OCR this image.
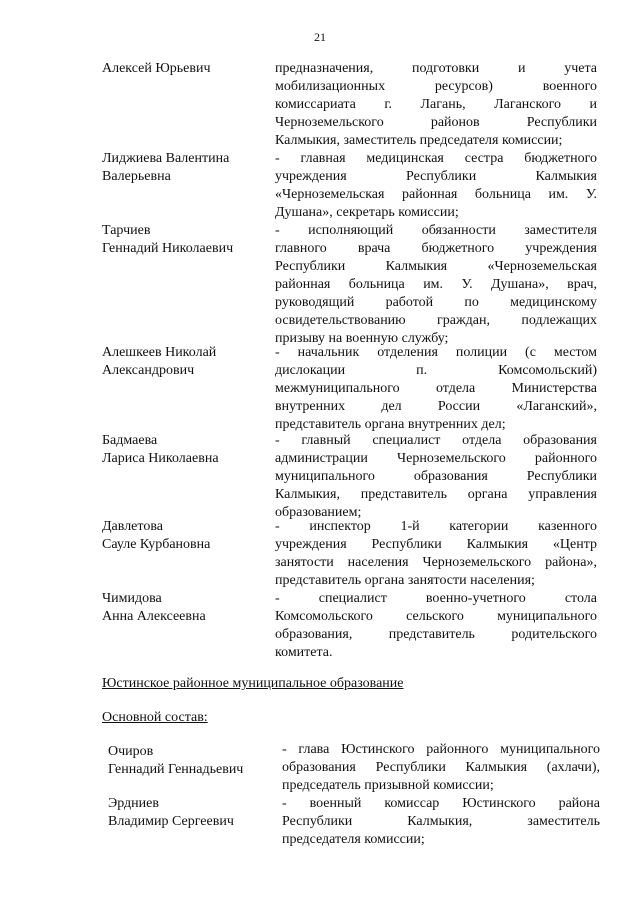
21
Алексей Юрьевич	предназначения, подготовки и учета
мобилизационных ресурсов) военного
комиссариата г. Лагань, Лаганского и
Черноземельского районов Республики
Калмыкия, заместитель председателя комиссии;
Лиджиева Валентина
Валерьевна
- главная медицинская сестра бюджетного
учреждения Республики Калмыкия
«Черноземельская районная больница им. У.
Душана», секретарь комиссии;
Тарчиев
Геннадий Николаевич
- исполняющий обязанности заместителя
главного врача бюджетного учреждения
Республики Калмыкия «Черноземельская
районная больница им. У. Душана», врач,
руководящий работой по медицинскому
освидетельствованию граждан, подлежащих
призыву на военную службу;
Алешкеев Николай
Александрович
- начальник отделения полиции (с местом
дислокации п. Комсомольский)
межмуниципального отдела Министерства
внутренних дел России «Лаганский»,
представитель органа внутренних дел;
Бадмаева
Лариса Николаевна
- главный специалист отдела образования
администрации Черноземельского районного
муниципального образования Республики
Калмыкия, представитель органа управления
образованием;
Давлетова
Сауле Курбановна
- инспектор 1-й категории казенного
учреждения Республики Калмыкия «Центр
занятости населения Черноземельского района»,
представитель органа занятости населения;
Чимидова
Анна Алексеевна
- специалист военно-учетного стола
Комсомольского сельского муниципального
образования, представитель родительского
комитета.
Юстинское районное муниципальное образование
Основной состав:
Очиров
Геннадий Геннадьевич
- глава Юстинского районного муниципального
образования Республики Калмыкия (ахлачи),
председатель призывной комиссии;
Эрдниев
Владимир Сергеевич
- военный комиссар Юстинского района
Республики Калмыкия, заместитель
председателя комиссии;
